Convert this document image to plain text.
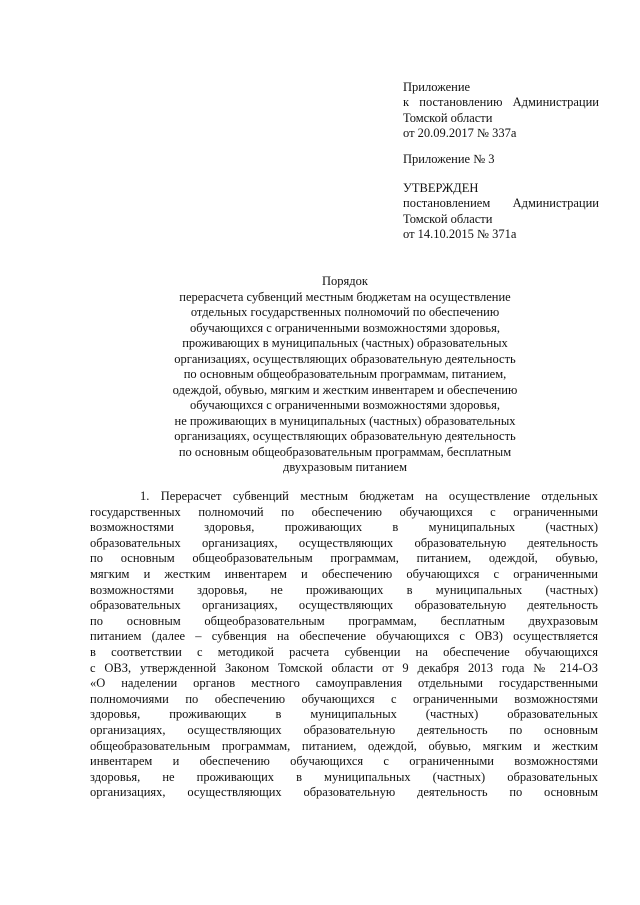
Приложение
к постановлению Администрации
Томской области
от 20.09.2017 № 337а
Приложение № 3
УТВЕРЖДЕН
постановлением Администрации
Томской области
от 14.10.2015 № 371а
Порядок
перерасчета субвенций местным бюджетам на осуществление
отдельных государственных полномочий по обеспечению
обучающихся с ограниченными возможностями здоровья,
проживающих в муниципальных (частных) образовательных
организациях, осуществляющих образовательную деятельность
по основным общеобразовательным программам, питанием,
одеждой, обувью, мягким и жестким инвентарем и обеспечению
обучающихся с ограниченными возможностями здоровья,
не проживающих в муниципальных (частных) образовательных
организациях, осуществляющих образовательную деятельность
по основным общеобразовательным программам, бесплатным
двухразовым питанием
1. Перерасчет субвенций местным бюджетам на осуществление отдельных
государственных полномочий по обеспечению обучающихся с ограниченными
возможностями здоровья, проживающих в муниципальных (частных)
образовательных организациях, осуществляющих образовательную деятельность
по основным общеобразовательным программам, питанием, одеждой, обувью,
мягким и жестким инвентарем и обеспечению обучающихся с ограниченными
возможностями здоровья, не проживающих в муниципальных (частных)
образовательных организациях, осуществляющих образовательную деятельность
по основным общеобразовательным программам, бесплатным двухразовым
питанием (далее – субвенция на обеспечение обучающихся с ОВЗ) осуществляется
в соответствии с методикой расчета субвенции на обеспечение обучающихся
с ОВЗ, утвержденной Законом Томской области от 9 декабря 2013 года № 214-ОЗ
«О наделении органов местного самоуправления отдельными государственными
полномочиями по обеспечению обучающихся с ограниченными возможностями
здоровья, проживающих в муниципальных (частных) образовательных
организациях, осуществляющих образовательную деятельность по основным
общеобразовательным программам, питанием, одеждой, обувью, мягким и жестким
инвентарем и обеспечению обучающихся с ограниченными возможностями
здоровья, не проживающих в муниципальных (частных) образовательных
организациях, осуществляющих образовательную деятельность по основным
